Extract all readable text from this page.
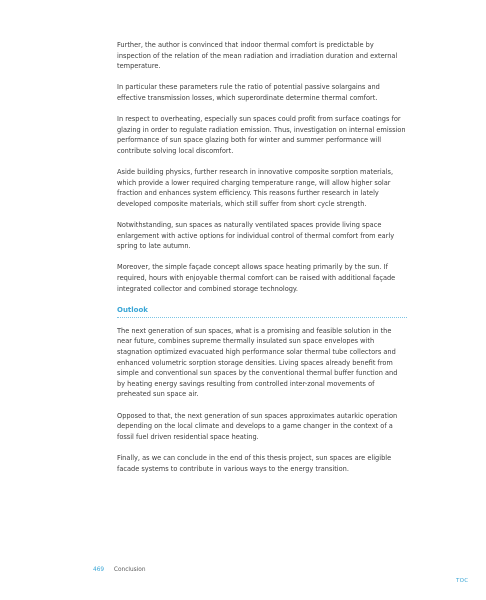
Further, the author is convinced that indoor thermal comfort is predictable by inspection of the relation of the mean radiation and irradiation duration and external temperature.

In particular these parameters rule the ratio of potential passive solargains and effective transmission losses, which superordinate determine thermal comfort.

In respect to overheating, especially sun spaces could profit from surface coatings for glazing in order to regulate radiation emission. Thus, investigation on internal emission performance of sun space glazing both for winter and summer performance will contribute solving local discomfort.

Aside building physics, further research in innovative composite sorption materials, which provide a lower required charging temperature range, will allow higher solar fraction and enhances system efficiency. This reasons further research in lately developed composite materials, which still suffer from short cycle strength.

Notwithstanding, sun spaces as naturally ventilated spaces provide living space enlargement with active options for individual control of thermal comfort from early spring to late autumn.

Moreover, the simple façade concept allows space heating primarily by the sun. If required, hours with enjoyable thermal comfort can be raised with additional façade integrated collector and combined storage technology.

Outlook

The next generation of sun spaces, what is a promising and feasible solution in the near future, combines supreme thermally insulated sun space envelopes with stagnation optimized evacuated high performance solar thermal tube collectors and enhanced volumetric sorption storage densities. Living spaces already benefit from simple and conventional sun spaces by the conventional thermal buffer function and by heating energy savings resulting from controlled inter-zonal movements of preheated sun space air.

Opposed to that, the next generation of sun spaces approximates autarkic operation depending on the local climate and develops to a game changer in the context of a fossil fuel driven residential space heating.

Finally, as we can conclude in the end of this thesis project, sun spaces are eligible facade systems to contribute in various ways to the energy transition.

469 Conclusion
TOC
